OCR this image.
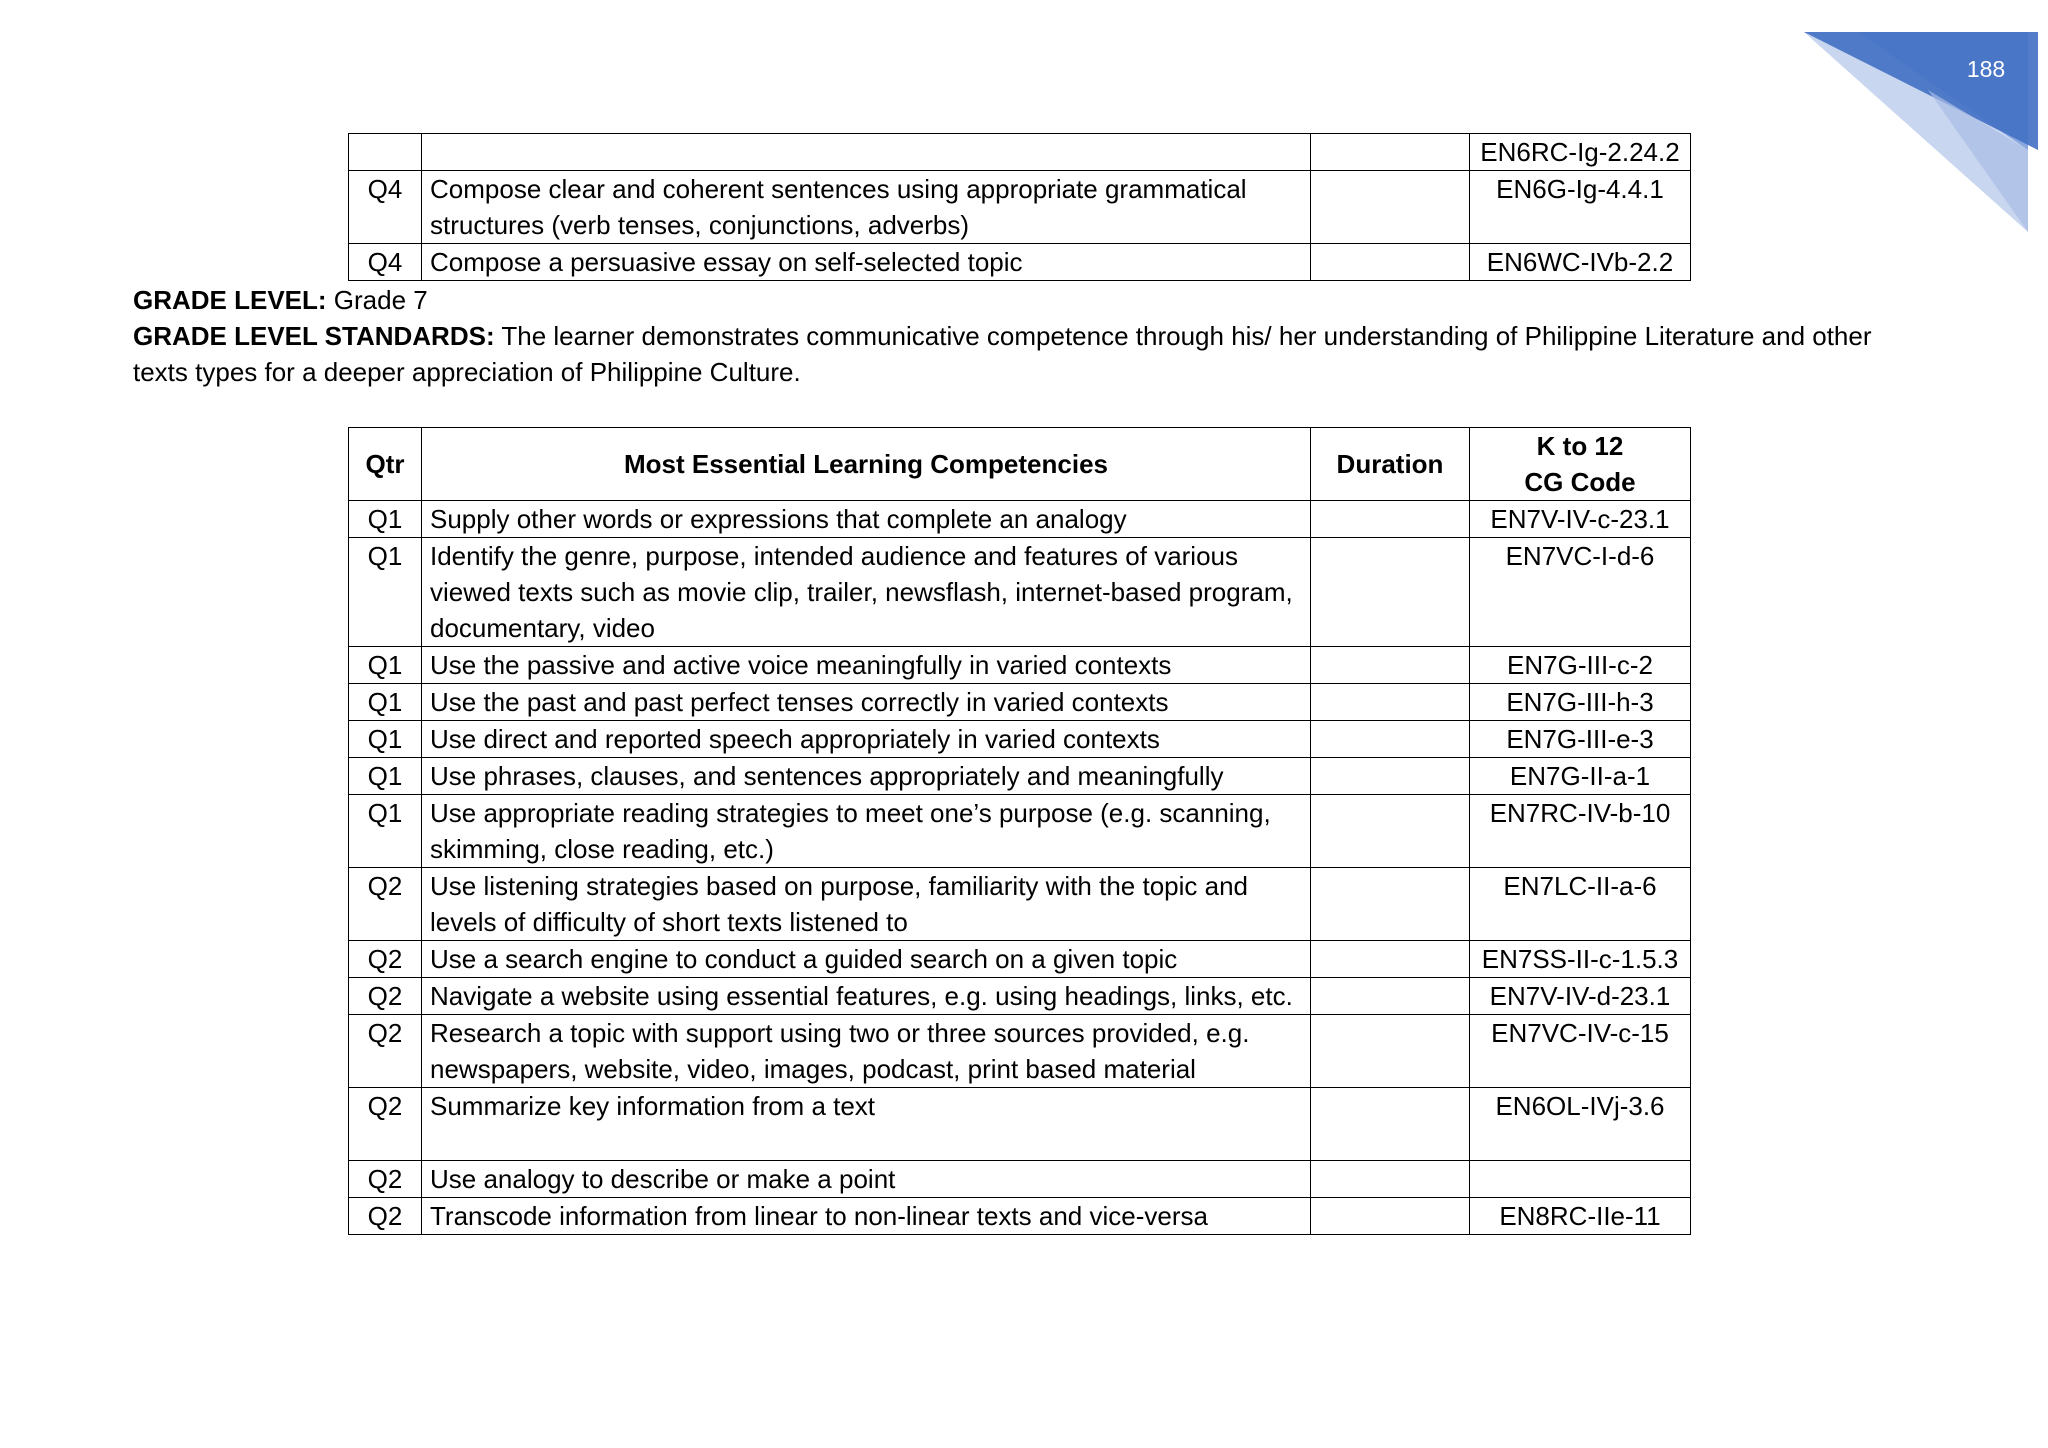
188
			EN6RC-Ig-2.24.2
Q4	Compose clear and coherent sentences using appropriate grammatical structures (verb tenses, conjunctions, adverbs)		EN6G-Ig-4.4.1
Q4	Compose a persuasive essay on self-selected topic		EN6WC-IVb-2.2

GRADE LEVEL: Grade 7

GRADE LEVEL STANDARDS: The learner demonstrates communicative competence through his/ her understanding of Philippine Literature and other texts types for a deeper appreciation of Philippine Culture.

Qtr	Most Essential Learning Competencies	Duration	K to 12
CG Code
Q1	Supply other words or expressions that complete an analogy		EN7V-IV-c-23.1
Q1	Identify the genre, purpose, intended audience and features of various viewed texts such as movie clip, trailer, newsflash, internet-based program, documentary, video		EN7VC-I-d-6
Q1	Use the passive and active voice meaningfully in varied contexts		EN7G-III-c-2
Q1	Use the past and past perfect tenses correctly in varied contexts		EN7G-III-h-3
Q1	Use direct and reported speech appropriately in varied contexts		EN7G-III-e-3
Q1	Use phrases, clauses, and sentences appropriately and meaningfully		EN7G-II-a-1
Q1	Use appropriate reading strategies to meet one’s purpose (e.g. scanning, skimming, close reading, etc.)		EN7RC-IV-b-10
Q2	Use listening strategies based on purpose, familiarity with the topic and levels of difficulty of short texts listened to		EN7LC-II-a-6
Q2	Use a search engine to conduct a guided search on a given topic		EN7SS-II-c-1.5.3
Q2	Navigate a website using essential features, e.g. using headings, links, etc.		EN7V-IV-d-23.1
Q2	Research a topic with support using two or three sources provided, e.g. newspapers, website, video, images, podcast, print based material		EN7VC-IV-c-15
Q2	Summarize key information from a text		EN6OL-IVj-3.6
Q2	Use analogy to describe or make a point		
Q2	Transcode information from linear to non-linear texts and vice-versa		EN8RC-IIe-11
